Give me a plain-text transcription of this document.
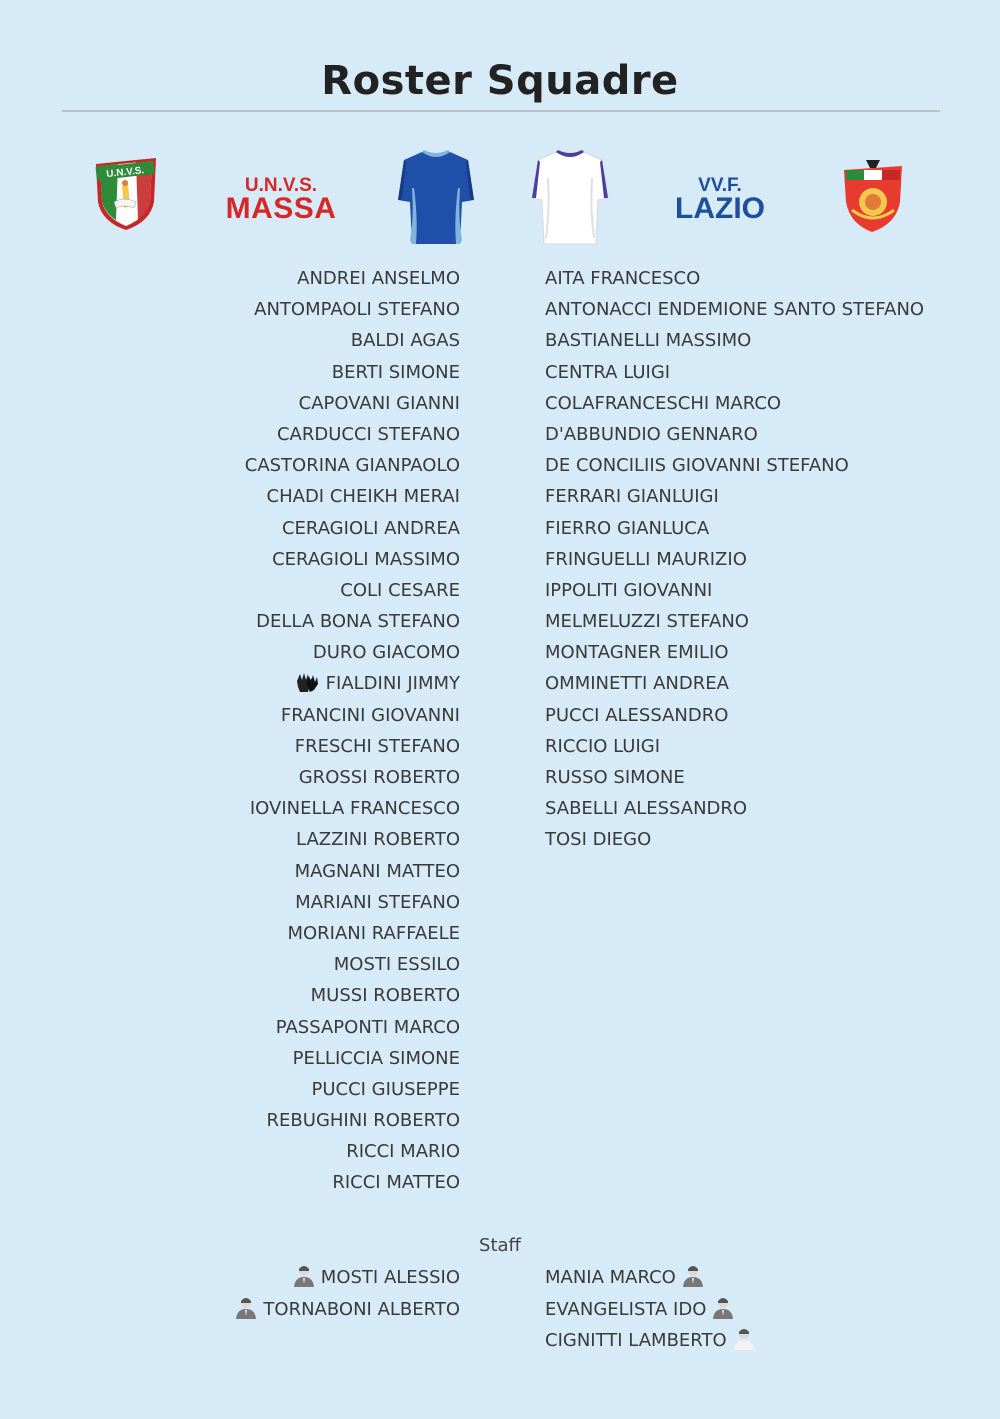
Roster Squadre
U.N.V.S.
U.N.V.S.
MASSA
VV.F.
LAZIO
ANDREI ANSELMO
ANTOMPAOLI STEFANO
BALDI AGAS
BERTI SIMONE
CAPOVANI GIANNI
CARDUCCI STEFANO
CASTORINA GIANPAOLO
CHADI CHEIKH MERAI
CERAGIOLI ANDREA
CERAGIOLI MASSIMO
COLI CESARE
DELLA BONA STEFANO
DURO GIACOMO
FIALDINI JIMMY
FRANCINI GIOVANNI
FRESCHI STEFANO
GROSSI ROBERTO
IOVINELLA FRANCESCO
LAZZINI ROBERTO
MAGNANI MATTEO
MARIANI STEFANO
MORIANI RAFFAELE
MOSTI ESSILO
MUSSI ROBERTO
PASSAPONTI MARCO
PELLICCIA SIMONE
PUCCI GIUSEPPE
REBUGHINI ROBERTO
RICCI MARIO
RICCI MATTEO
AITA FRANCESCO
ANTONACCI ENDEMIONE SANTO STEFANO
BASTIANELLI MASSIMO
CENTRA LUIGI
COLAFRANCESCHI MARCO
D'ABBUNDIO GENNARO
DE CONCILIIS GIOVANNI STEFANO
FERRARI GIANLUIGI
FIERRO GIANLUCA
FRINGUELLI MAURIZIO
IPPOLITI GIOVANNI
MELMELUZZI STEFANO
MONTAGNER EMILIO
OMMINETTI ANDREA
PUCCI ALESSANDRO
RICCIO LUIGI
RUSSO SIMONE
SABELLI ALESSANDRO
TOSI DIEGO
Staff
MOSTI ALESSIO
TORNABONI ALBERTO
MANIA MARCO
EVANGELISTA IDO
CIGNITTI LAMBERTO
